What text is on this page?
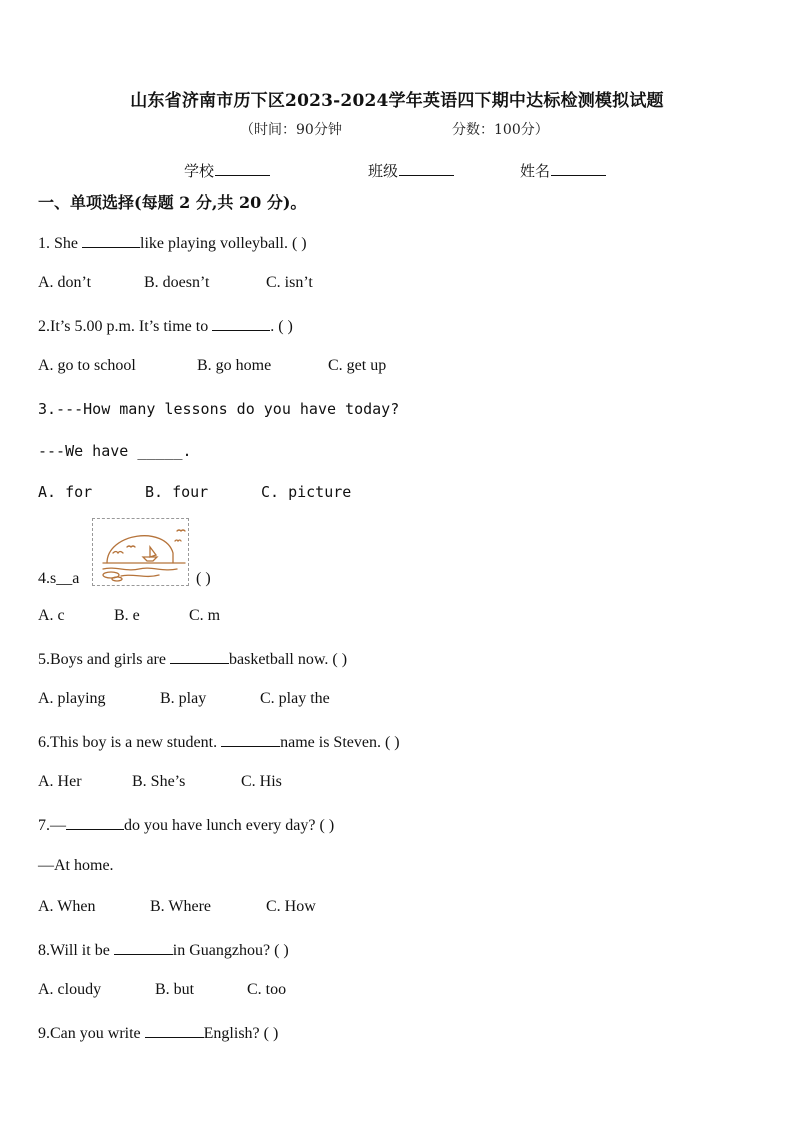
山东省济南市历下区2023-2024学年英语四下期中达标检测模拟试题
（时间：90分钟	分数：100分）
学校	班级	姓名
一、单项选择(每题 2 分,共 20 分)。
1. She	like playing volleyball. ( )
A. don’t	B. doesn’t	C. isn’t
2.It’s 5.00 p.m. It’s time to	. ( )
A. go to school	B. go home	C. get up
3.---How many lessons do you have today?
---We have _____.
A. for	B. four	C. picture
4.s__a	( )
A. c	B. e	C. m
5.Boys and girls are	basketball now. ( )
A. playing	B. play	C. play the
6.This boy is a new student.	name is Steven. ( )
A. Her	B. She’s	C. His
7.—	do you have lunch every day? ( )
—At home.
A. When	B. Where	C. How
8.Will it be	in Guangzhou? ( )
A. cloudy	B. but	C. too
9.Can you write	English? ( )
